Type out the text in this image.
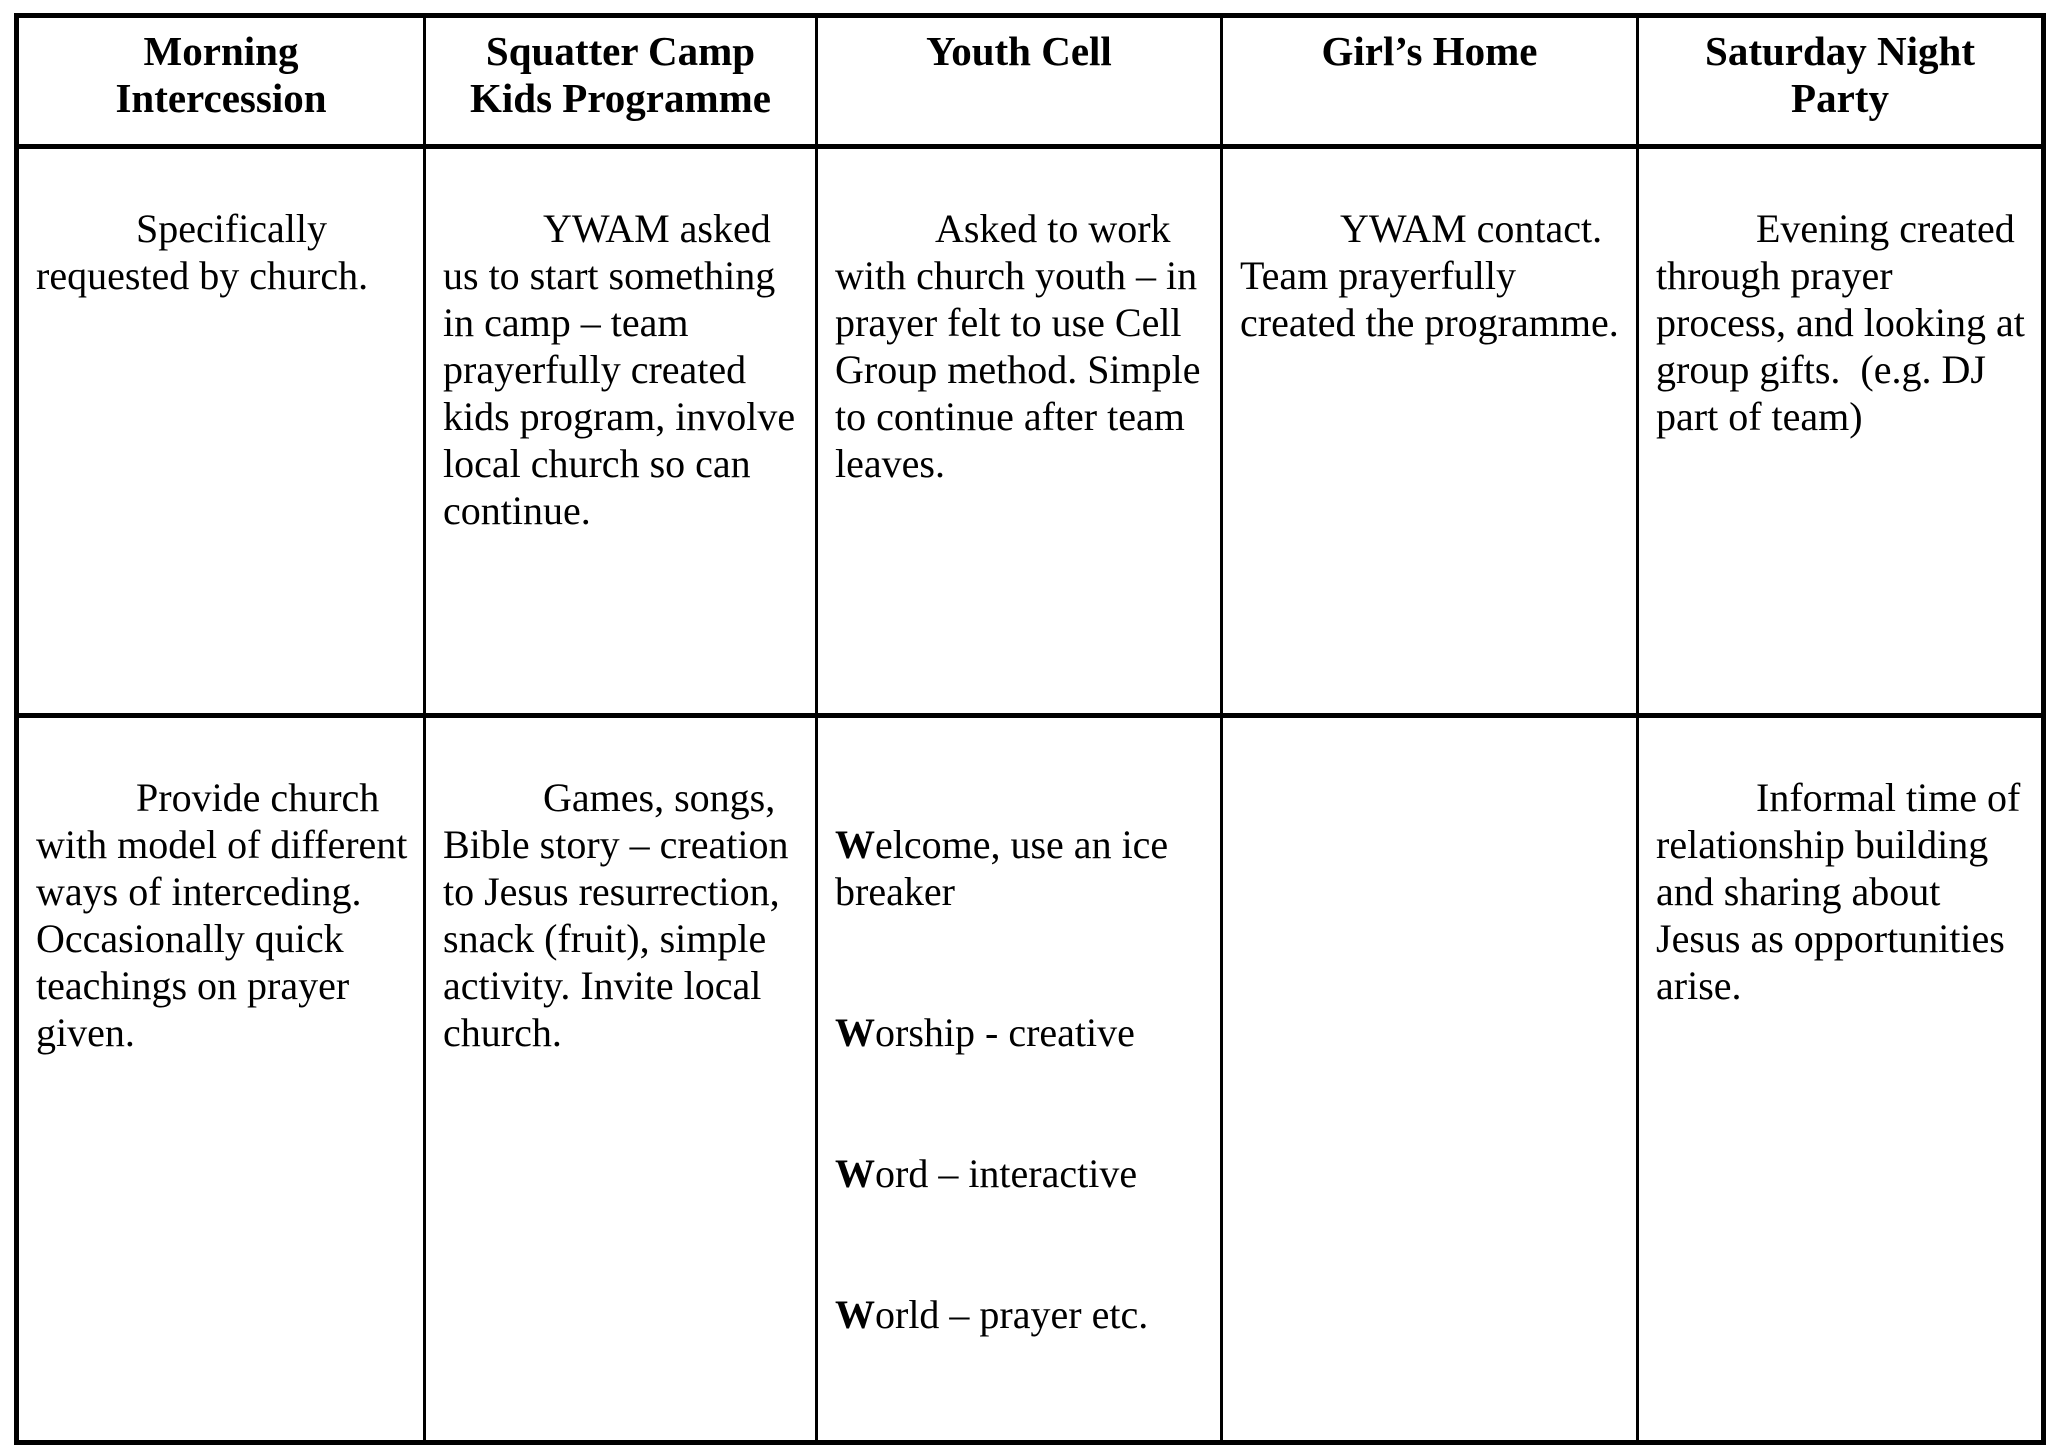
Morning Intercession	Squatter Camp Kids Programme	Youth Cell	Girl’s Home	Saturday Night Party

Specifically requested by church.	YWAM asked us to start something in camp – team prayerfully created kids program, involve local church so can continue.	Asked to work with church youth – in prayer felt to use Cell Group method. Simple to continue after team leaves.	YWAM contact. Team prayerfully created the programme.	Evening created through prayer process, and looking at group gifts.  (e.g. DJ part of team)

Provide church with model of different ways of interceding. Occasionally quick teachings on prayer given.	Games, songs, Bible story – creation to Jesus resurrection, snack (fruit), simple activity. Invite local church.	Welcome, use an ice breaker

Worship - creative

Word – interactive

World – prayer etc.		Informal time of relationship building and sharing about Jesus as opportunities arise.
